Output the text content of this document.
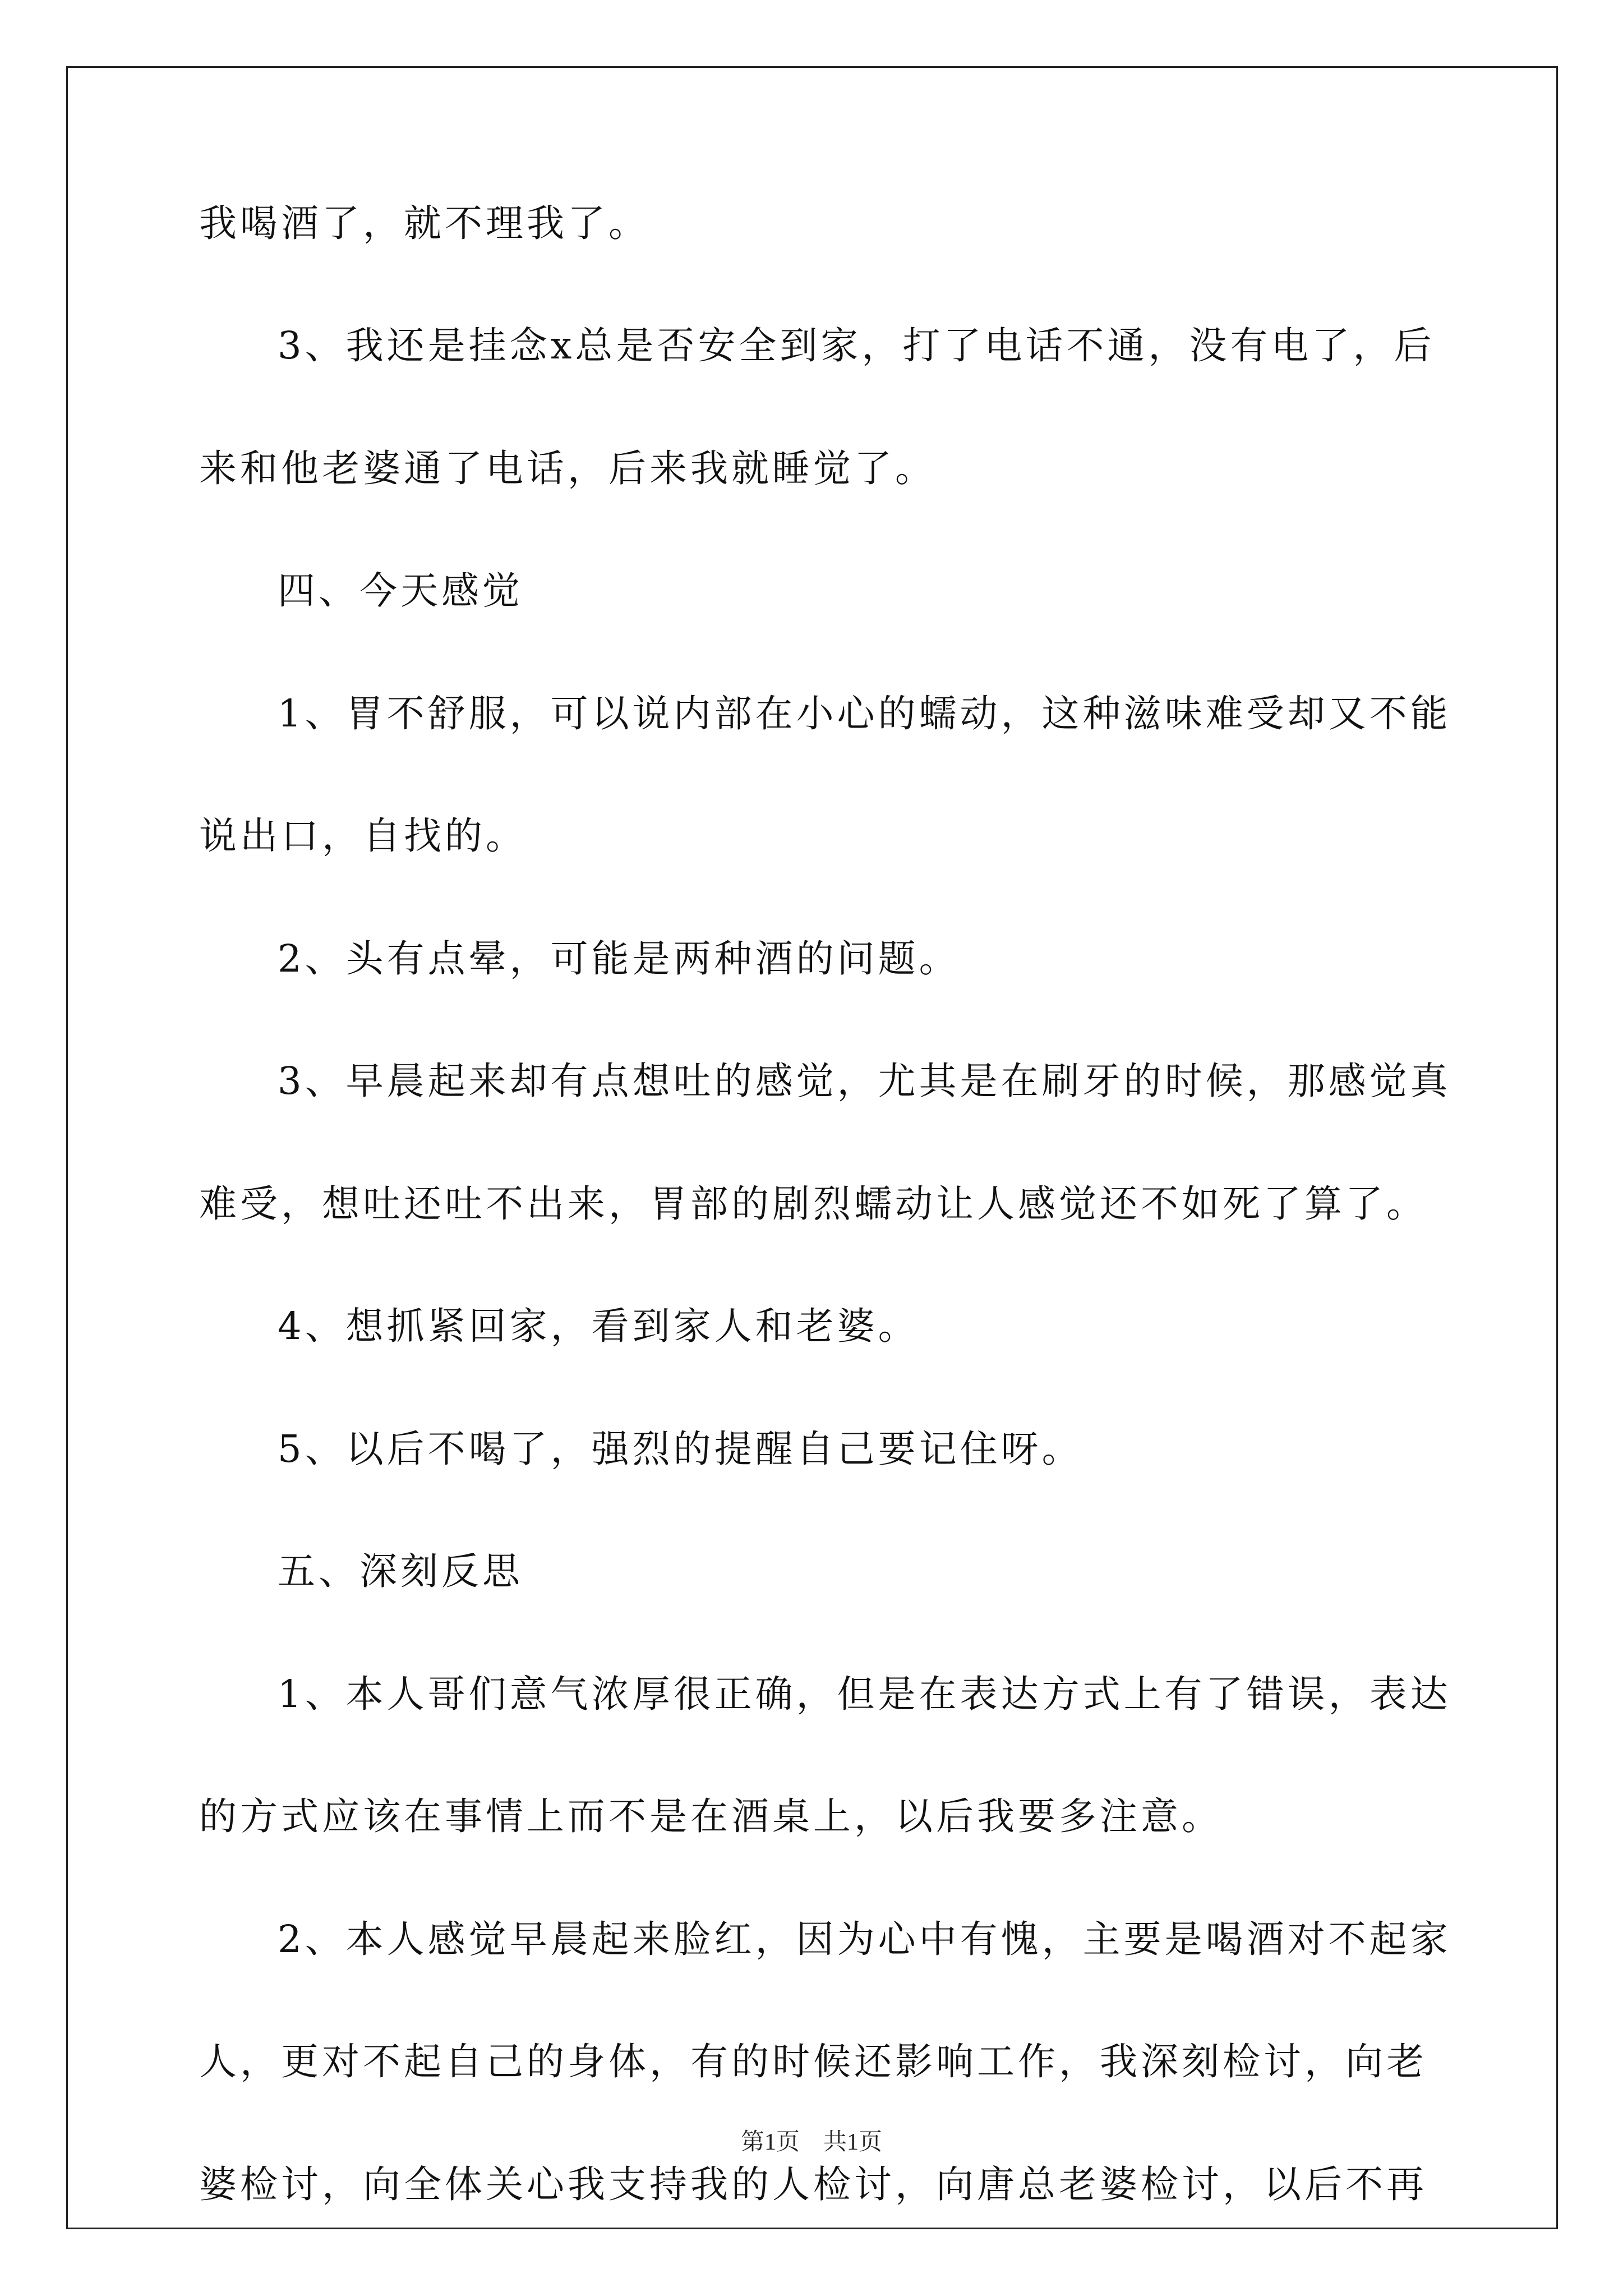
我喝酒了，就不理我了。
3、我还是挂念x总是否安全到家，打了电话不通，没有电了，后
来和他老婆通了电话，后来我就睡觉了。
四、今天感觉
1、胃不舒服，可以说内部在小心的蠕动，这种滋味难受却又不能
说出口，自找的。
2、头有点晕，可能是两种酒的问题。
3、早晨起来却有点想吐的感觉，尤其是在刷牙的时候，那感觉真
难受，想吐还吐不出来，胃部的剧烈蠕动让人感觉还不如死了算了。
4、想抓紧回家，看到家人和老婆。
5、以后不喝了，强烈的提醒自己要记住呀。
五、深刻反思
1、本人哥们意气浓厚很正确，但是在表达方式上有了错误，表达
的方式应该在事情上而不是在酒桌上，以后我要多注意。
2、本人感觉早晨起来脸红，因为心中有愧，主要是喝酒对不起家
人，更对不起自己的身体，有的时候还影响工作，我深刻检讨，向老
婆检讨，向全体关心我支持我的人检讨，向唐总老婆检讨，以后不再
第1页　共1页
